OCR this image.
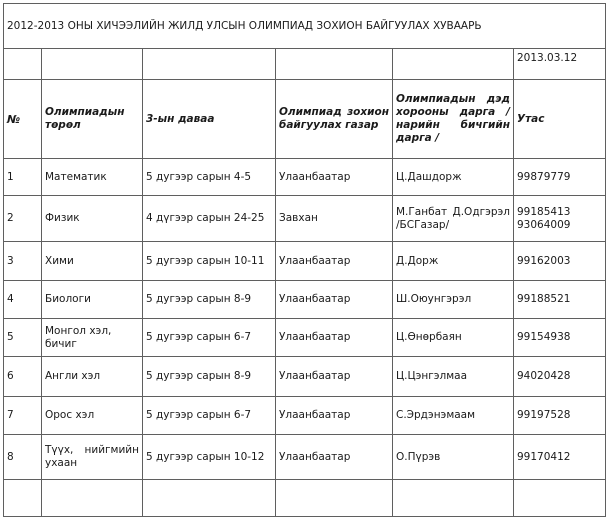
2012-2013 ОНЫ ХИЧЭЭЛИЙН ЖИЛД УЛСЫН ОЛИМПИАД ЗОХИОН БАЙГУУЛАХ ХУВААРЬ					
					2013.03.12
№	Олимпиадын төрөл	3-ын даваа	Олимпиад зохион байгуулах газар	Олимпиадын дэд хорооны дарга /нарийн бичгийн дарга /	Утас
1	Математик	5 дугээр сарын 4-5	Улаанбаатар	Ц.Дашдорж	99879779
2	Физик	4 дүгээр сарын 24-25	Завхан	М.Ганбат Д.Одгэрэл /БСГазар/	99185413 93064009
3	Хими	5 дугээр сарын 10-11	Улаанбаатар	Д.Дорж	99162003
4	Биологи	5 дугээр сарын 8-9	Улаанбаатар	Ш.Оюунгэрэл	99188521
5	Монгол хэл, бичиг	5 дугээр сарын 6-7	Улаанбаатар	Ц.Өнөрбаян	99154938
6	Англи хэл	5 дугээр сарын 8-9	Улаанбаатар	Ц.Цэнгэлмаа	94020428
7	Орос хэл	5 дугээр сарын 6-7	Улаанбаатар	С.Эрдэнэмаам	99197528
8	Түүх, нийгмийн ухаан	5 дугээр сарын 10-12	Улаанбаатар	О.Пүрэв	99170412
